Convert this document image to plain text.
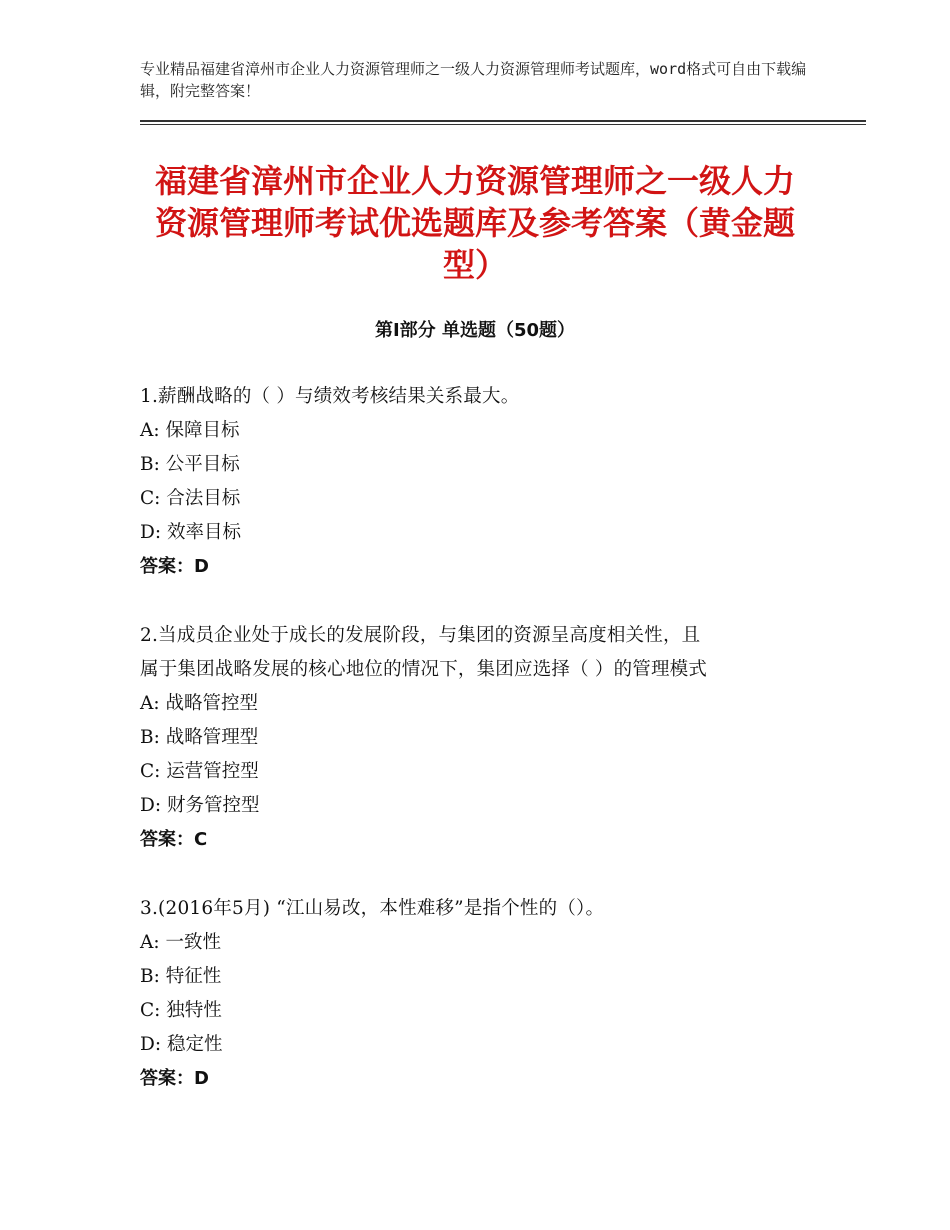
专业精品福建省漳州市企业人力资源管理师之一级人力资源管理师考试题库，word格式可自由下载编辑，附完整答案！
福建省漳州市企业人力资源管理师之一级人力资源管理师考试优选题库及参考答案（黄金题型）
第Ⅰ部分 单选题（50题）
1.薪酬战略的（ ）与绩效考核结果关系最大。
A: 保障目标
B: 公平目标
C: 合法目标
D: 效率目标
答案：D
2.当成员企业处于成长的发展阶段，与集团的资源呈高度相关性，且
属于集团战略发展的核心地位的情况下，集团应选择（ ）的管理模式
A: 战略管控型
B: 战略管理型
C: 运营管控型
D: 财务管控型
答案：C
3.(2016年5月) “江山易改，本性难移”是指个性的（）。
A: 一致性
B: 特征性
C: 独特性
D: 稳定性
答案：D
